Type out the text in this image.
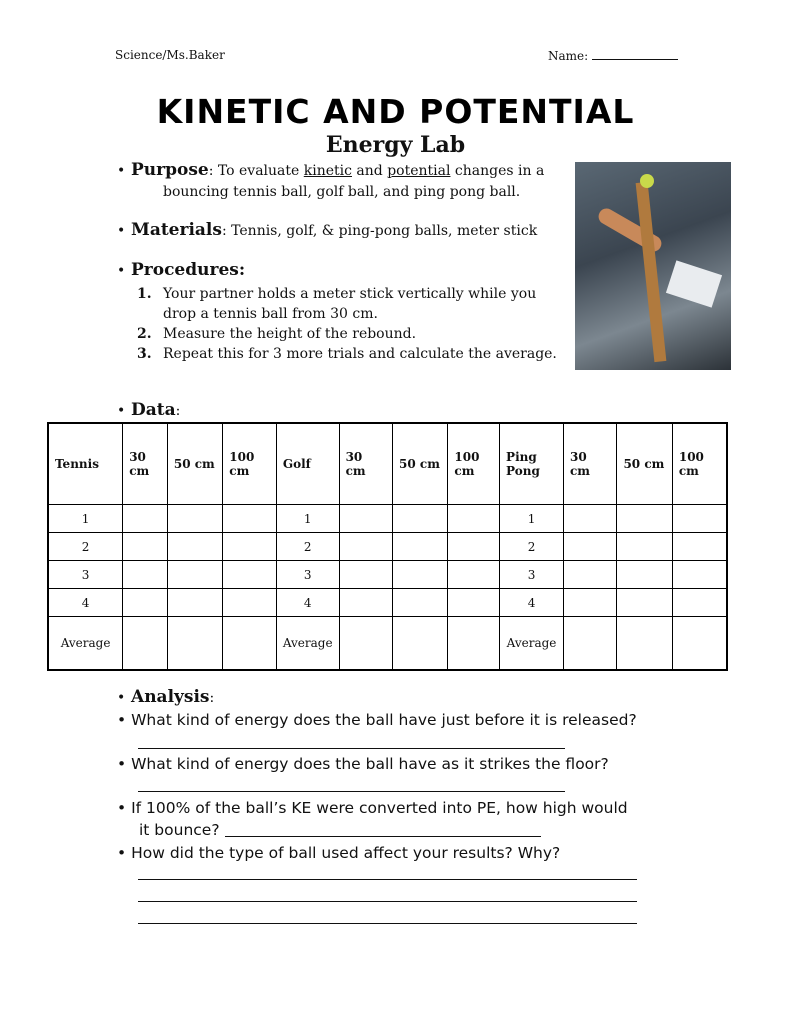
Science/Ms.Baker	Name:
KINETIC AND POTENTIAL
Energy Lab
• Purpose: To evaluate kinetic and potential changes in a
bouncing tennis ball, golf ball, and ping pong ball.
• Materials: Tennis, golf, & ping-pong balls, meter stick
• Procedures:
1. Your partner holds a meter stick vertically while you drop a tennis ball from 30 cm.
2. Measure the height of the rebound.
3. Repeat this for 3 more trials and calculate the average.
• Data:
Tennis	30 cm	50 cm	100 cm	Golf	30 cm	50 cm	100 cm	Ping Pong	30 cm	50 cm	100 cm
1				1				1			
2				2				2			
3				3				3			
4				4				4			
Average				Average				Average			
• Analysis:
• What kind of energy does the ball have just before it is released?
• What kind of energy does the ball have as it strikes the floor?
• If 100% of the ball’s KE were converted into PE, how high would
it bounce?
• How did the type of ball used affect your results? Why?
